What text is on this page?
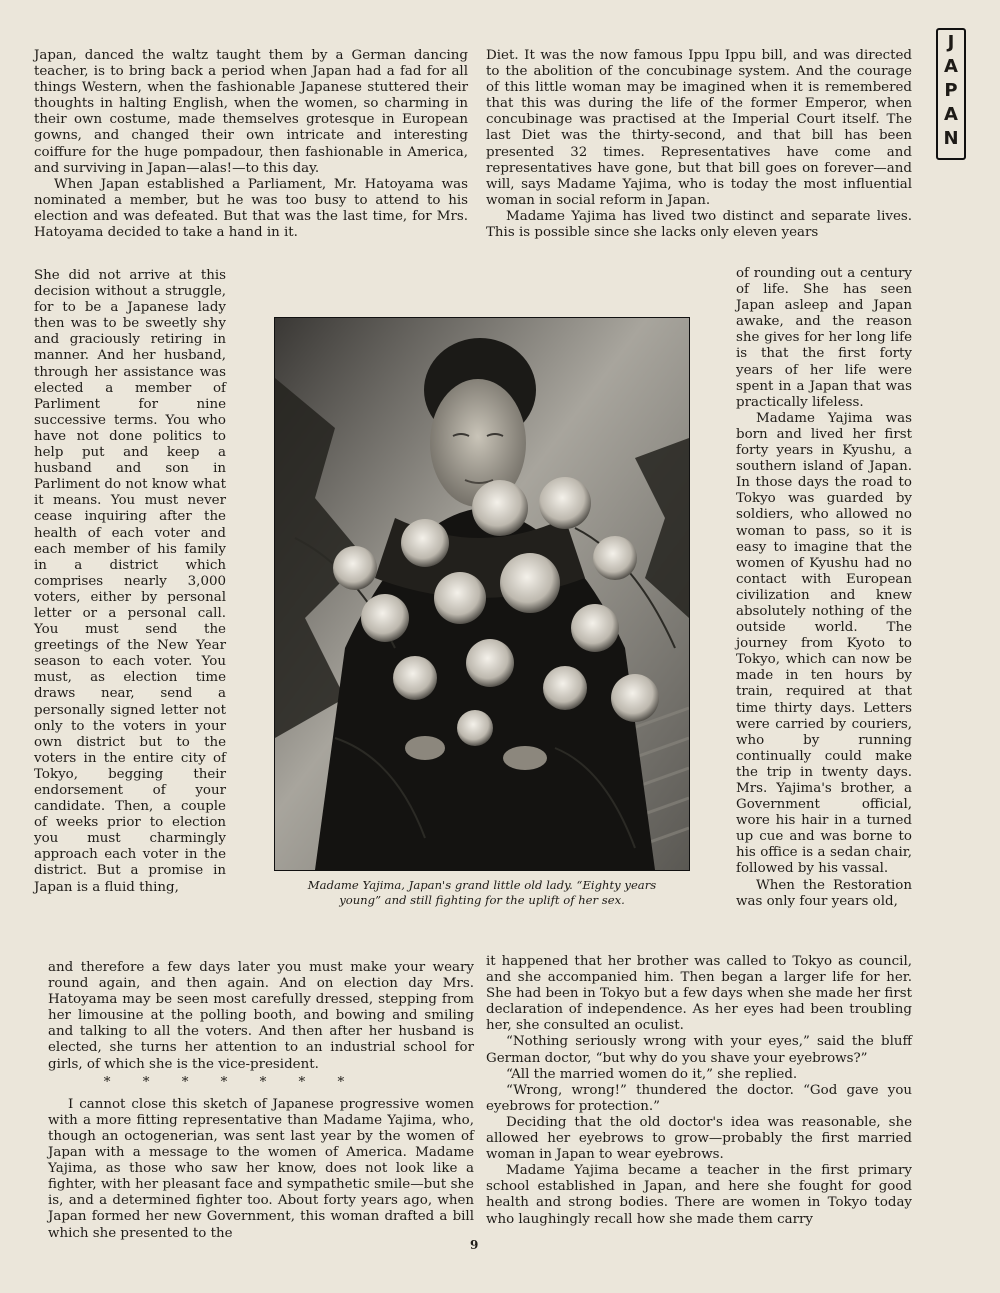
J
A
P
A
N

Japan, danced the waltz taught them by a German dancing teacher, is to bring back a period when Japan had a fad for all things Western, when the fashionable Japanese stuttered their thoughts in halting English, when the women, so charming in their own costume, made themselves grotesque in European gowns, and changed their own intricate and interesting coiffure for the huge pompadour, then fashionable in America, and surviving in Japan—alas!—to this day.

When Japan established a Parliament, Mr. Hatoyama was nominated a member, but he was too busy to attend to his election and was defeated. But that was the last time, for Mrs. Hatoyama decided to take a hand in it.

She did not arrive at this decision without a struggle, for to be a Japanese lady then was to be sweetly shy and graciously retiring in manner. And her husband, through her assistance was elected a member of Parliment for nine successive terms. You who have not done politics to help put and keep a husband and son in Parliment do not know what it means. You must never cease inquiring after the health of each voter and each member of his family in a district which comprises nearly 3,000 voters, either by personal letter or a personal call. You must send the greetings of the New Year season to each voter. You must, as election time draws near, send a personally signed letter not only to the voters in your own district but to the voters in the entire city of Tokyo, begging their endorsement of your candidate. Then, a couple of weeks prior to election you must charmingly approach each voter in the district. But a promise in Japan is a fluid thing,	Madame Yajima, Japan's grand little old lady. “Eighty years young” and still fighting for the uplift of her sex.

and therefore a few days later you must make your weary round again, and then again. And on election day Mrs. Hatoyama may be seen most carefully dressed, stepping from her limousine at the polling booth, and bowing and smiling and talking to all the voters. And then after her husband is elected, she turns her attention to an industrial school for girls, of which she is the vice-president.

* * * * * * *

I cannot close this sketch of Japanese progressive women with a more fitting representative than Madame Yajima, who, though an octogenerian, was sent last year by the women of Japan with a message to the women of America. Madame Yajima, as those who saw her know, does not look like a fighter, with her pleasant face and sympathetic smile—but she is, and a determined fighter too. About forty years ago, when Japan formed her new Government, this woman drafted a bill which she presented to the

Diet. It was the now famous Ippu Ippu bill, and was directed to the abolition of the concubinage system. And the courage of this little woman may be imagined when it is remembered that this was during the life of the former Emperor, when concubinage was practised at the Imperial Court itself. The last Diet was the thirty-second, and that bill has been presented 32 times. Representatives have come and representatives have gone, but that bill goes on forever—and will, says Madame Yajima, who is today the most influential woman in social reform in Japan.

Madame Yajima has lived two distinct and separate lives. This is possible since she lacks only eleven years

of rounding out a century of life. She has seen Japan asleep and Japan awake, and the reason she gives for her long life is that the first forty years of her life were spent in a Japan that was practically lifeless.

Madame Yajima was born and lived her first forty years in Kyushu, a southern island of Japan. In those days the road to Tokyo was guarded by soldiers, who allowed no woman to pass, so it is easy to imagine that the women of Kyushu had no contact with European civilization and knew absolutely nothing of the outside world. The journey from Kyoto to Tokyo, which can now be made in ten hours by train, required at that time thirty days. Letters were carried by couriers, who by running continually could make the trip in twenty days. Mrs. Yajima's brother, a Government official, wore his hair in a turned up cue and was borne to his office is a sedan chair, followed by his vassal.

When the Restoration was only four years old,

it happened that her brother was called to Tokyo as council, and she accompanied him. Then began a larger life for her. She had been in Tokyo but a few days when she made her first declaration of independence. As her eyes had been troubling her, she consulted an oculist.

“Nothing seriously wrong with your eyes,” said the bluff German doctor, “but why do you shave your eyebrows?”

“All the married women do it,” she replied.

“Wrong, wrong!” thundered the doctor. “God gave you eyebrows for protection.”

Deciding that the old doctor's idea was reasonable, she allowed her eyebrows to grow—probably the first married woman in Japan to wear eyebrows.

Madame Yajima became a teacher in the first primary school established in Japan, and here she fought for good health and strong bodies. There are women in Tokyo today who laughingly recall how she made them carry

9
